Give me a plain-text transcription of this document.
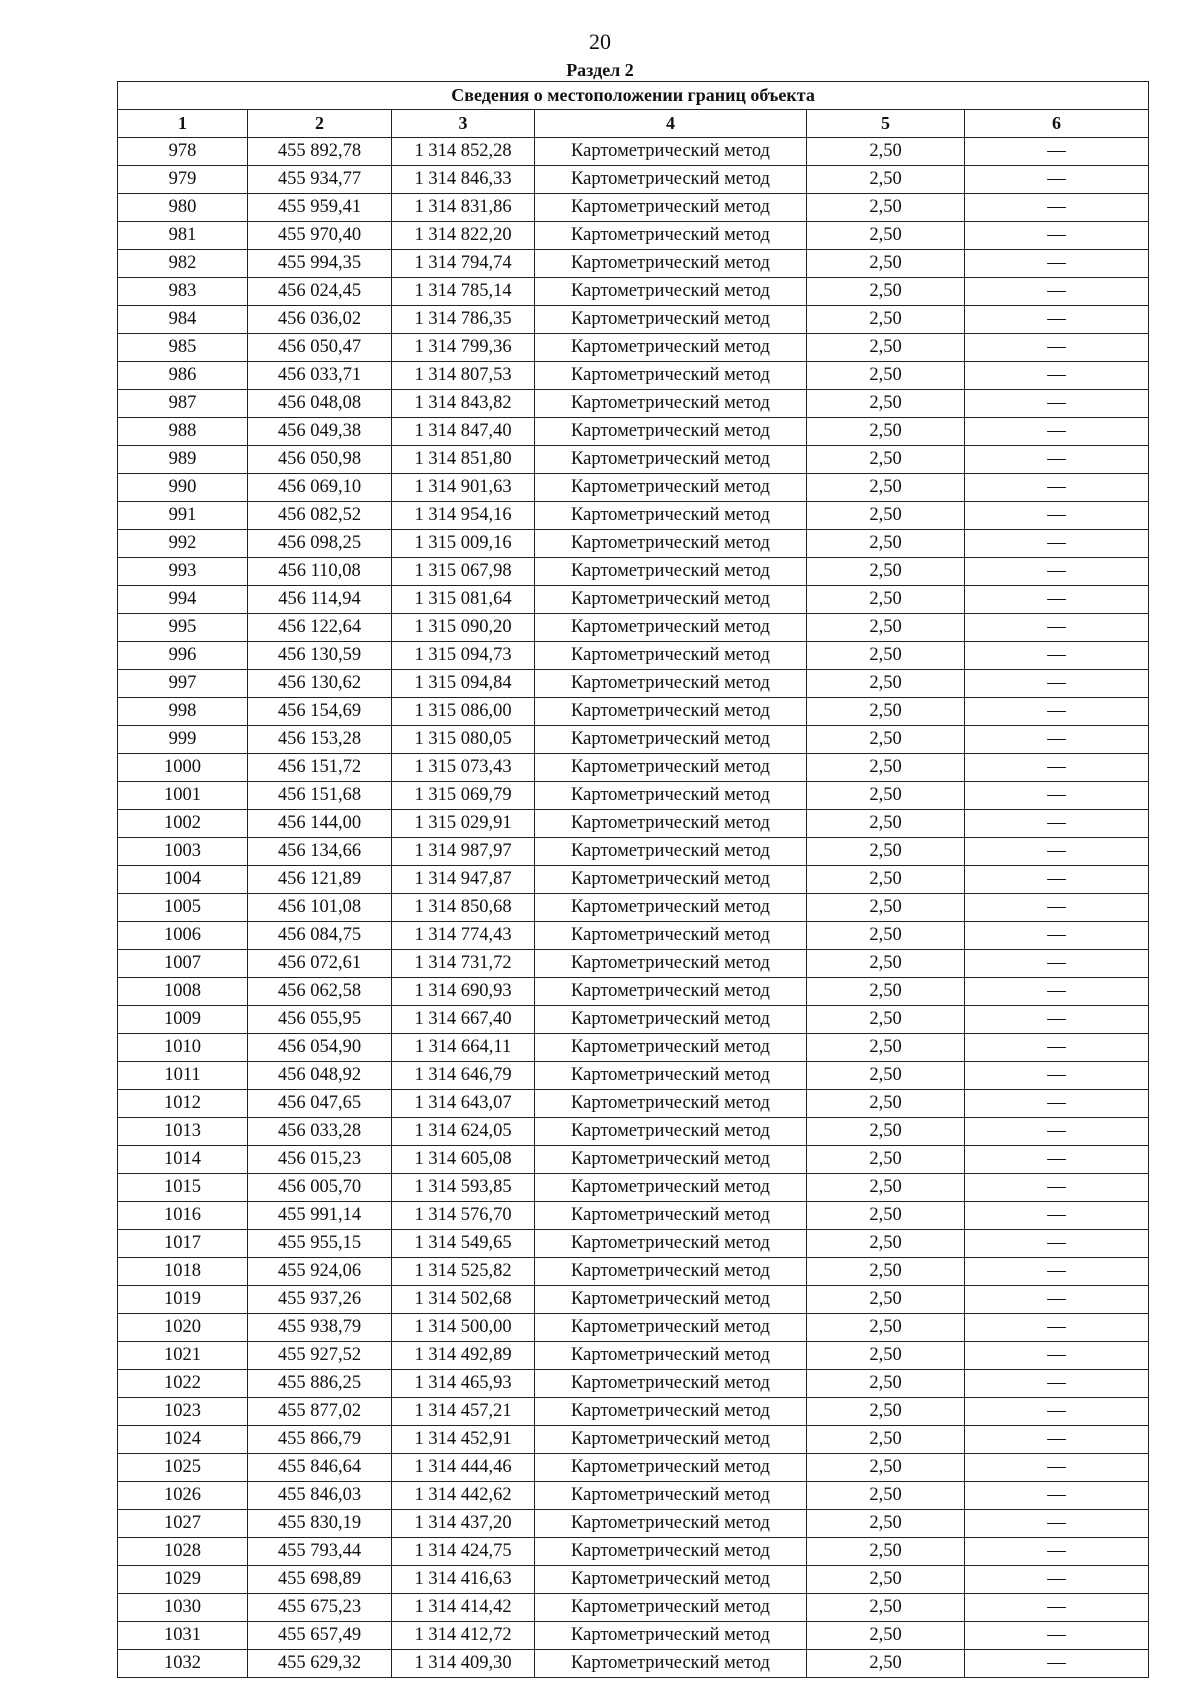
20
Раздел 2
Сведения о местоположении границ объекта					
1	2	3	4	5	6
978	455 892,78	1 314 852,28	Картометрический метод	2,50	—
979	455 934,77	1 314 846,33	Картометрический метод	2,50	—
980	455 959,41	1 314 831,86	Картометрический метод	2,50	—
981	455 970,40	1 314 822,20	Картометрический метод	2,50	—
982	455 994,35	1 314 794,74	Картометрический метод	2,50	—
983	456 024,45	1 314 785,14	Картометрический метод	2,50	—
984	456 036,02	1 314 786,35	Картометрический метод	2,50	—
985	456 050,47	1 314 799,36	Картометрический метод	2,50	—
986	456 033,71	1 314 807,53	Картометрический метод	2,50	—
987	456 048,08	1 314 843,82	Картометрический метод	2,50	—
988	456 049,38	1 314 847,40	Картометрический метод	2,50	—
989	456 050,98	1 314 851,80	Картометрический метод	2,50	—
990	456 069,10	1 314 901,63	Картометрический метод	2,50	—
991	456 082,52	1 314 954,16	Картометрический метод	2,50	—
992	456 098,25	1 315 009,16	Картометрический метод	2,50	—
993	456 110,08	1 315 067,98	Картометрический метод	2,50	—
994	456 114,94	1 315 081,64	Картометрический метод	2,50	—
995	456 122,64	1 315 090,20	Картометрический метод	2,50	—
996	456 130,59	1 315 094,73	Картометрический метод	2,50	—
997	456 130,62	1 315 094,84	Картометрический метод	2,50	—
998	456 154,69	1 315 086,00	Картометрический метод	2,50	—
999	456 153,28	1 315 080,05	Картометрический метод	2,50	—
1000	456 151,72	1 315 073,43	Картометрический метод	2,50	—
1001	456 151,68	1 315 069,79	Картометрический метод	2,50	—
1002	456 144,00	1 315 029,91	Картометрический метод	2,50	—
1003	456 134,66	1 314 987,97	Картометрический метод	2,50	—
1004	456 121,89	1 314 947,87	Картометрический метод	2,50	—
1005	456 101,08	1 314 850,68	Картометрический метод	2,50	—
1006	456 084,75	1 314 774,43	Картометрический метод	2,50	—
1007	456 072,61	1 314 731,72	Картометрический метод	2,50	—
1008	456 062,58	1 314 690,93	Картометрический метод	2,50	—
1009	456 055,95	1 314 667,40	Картометрический метод	2,50	—
1010	456 054,90	1 314 664,11	Картометрический метод	2,50	—
1011	456 048,92	1 314 646,79	Картометрический метод	2,50	—
1012	456 047,65	1 314 643,07	Картометрический метод	2,50	—
1013	456 033,28	1 314 624,05	Картометрический метод	2,50	—
1014	456 015,23	1 314 605,08	Картометрический метод	2,50	—
1015	456 005,70	1 314 593,85	Картометрический метод	2,50	—
1016	455 991,14	1 314 576,70	Картометрический метод	2,50	—
1017	455 955,15	1 314 549,65	Картометрический метод	2,50	—
1018	455 924,06	1 314 525,82	Картометрический метод	2,50	—
1019	455 937,26	1 314 502,68	Картометрический метод	2,50	—
1020	455 938,79	1 314 500,00	Картометрический метод	2,50	—
1021	455 927,52	1 314 492,89	Картометрический метод	2,50	—
1022	455 886,25	1 314 465,93	Картометрический метод	2,50	—
1023	455 877,02	1 314 457,21	Картометрический метод	2,50	—
1024	455 866,79	1 314 452,91	Картометрический метод	2,50	—
1025	455 846,64	1 314 444,46	Картометрический метод	2,50	—
1026	455 846,03	1 314 442,62	Картометрический метод	2,50	—
1027	455 830,19	1 314 437,20	Картометрический метод	2,50	—
1028	455 793,44	1 314 424,75	Картометрический метод	2,50	—
1029	455 698,89	1 314 416,63	Картометрический метод	2,50	—
1030	455 675,23	1 314 414,42	Картометрический метод	2,50	—
1031	455 657,49	1 314 412,72	Картометрический метод	2,50	—
1032	455 629,32	1 314 409,30	Картометрический метод	2,50	—
